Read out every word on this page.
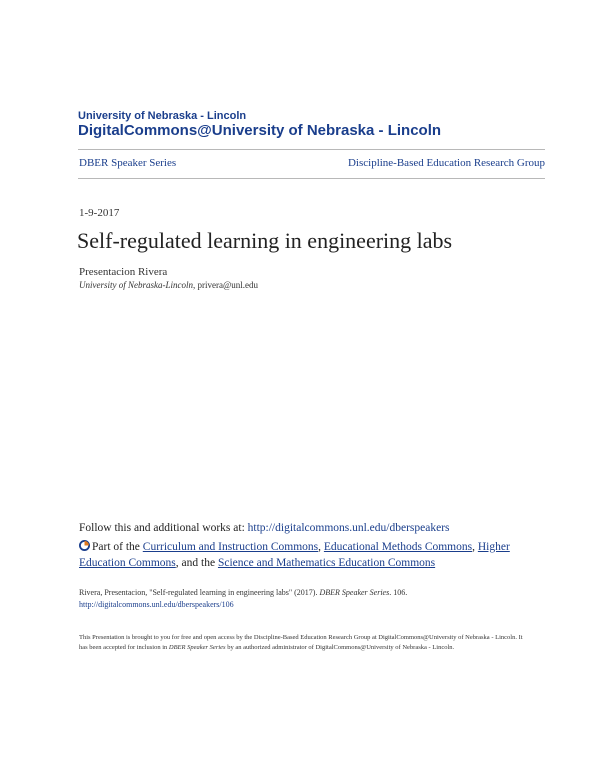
University of Nebraska - Lincoln
DigitalCommons@University of Nebraska - Lincoln
DBER Speaker Series	Discipline-Based Education Research Group
1-9-2017
Self-regulated learning in engineering labs
Presentacion Rivera
University of Nebraska-Lincoln, privera@unl.edu
Follow this and additional works at: http://digitalcommons.unl.edu/dberspeakers
Part of the Curriculum and Instruction Commons, Educational Methods Commons, Higher Education Commons, and the Science and Mathematics Education Commons
Rivera, Presentacion, "Self-regulated learning in engineering labs" (2017). DBER Speaker Series. 106.
http://digitalcommons.unl.edu/dberspeakers/106
This Presentation is brought to you for free and open access by the Discipline-Based Education Research Group at DigitalCommons@University of Nebraska - Lincoln. It has been accepted for inclusion in DBER Speaker Series by an authorized administrator of DigitalCommons@University of Nebraska - Lincoln.
